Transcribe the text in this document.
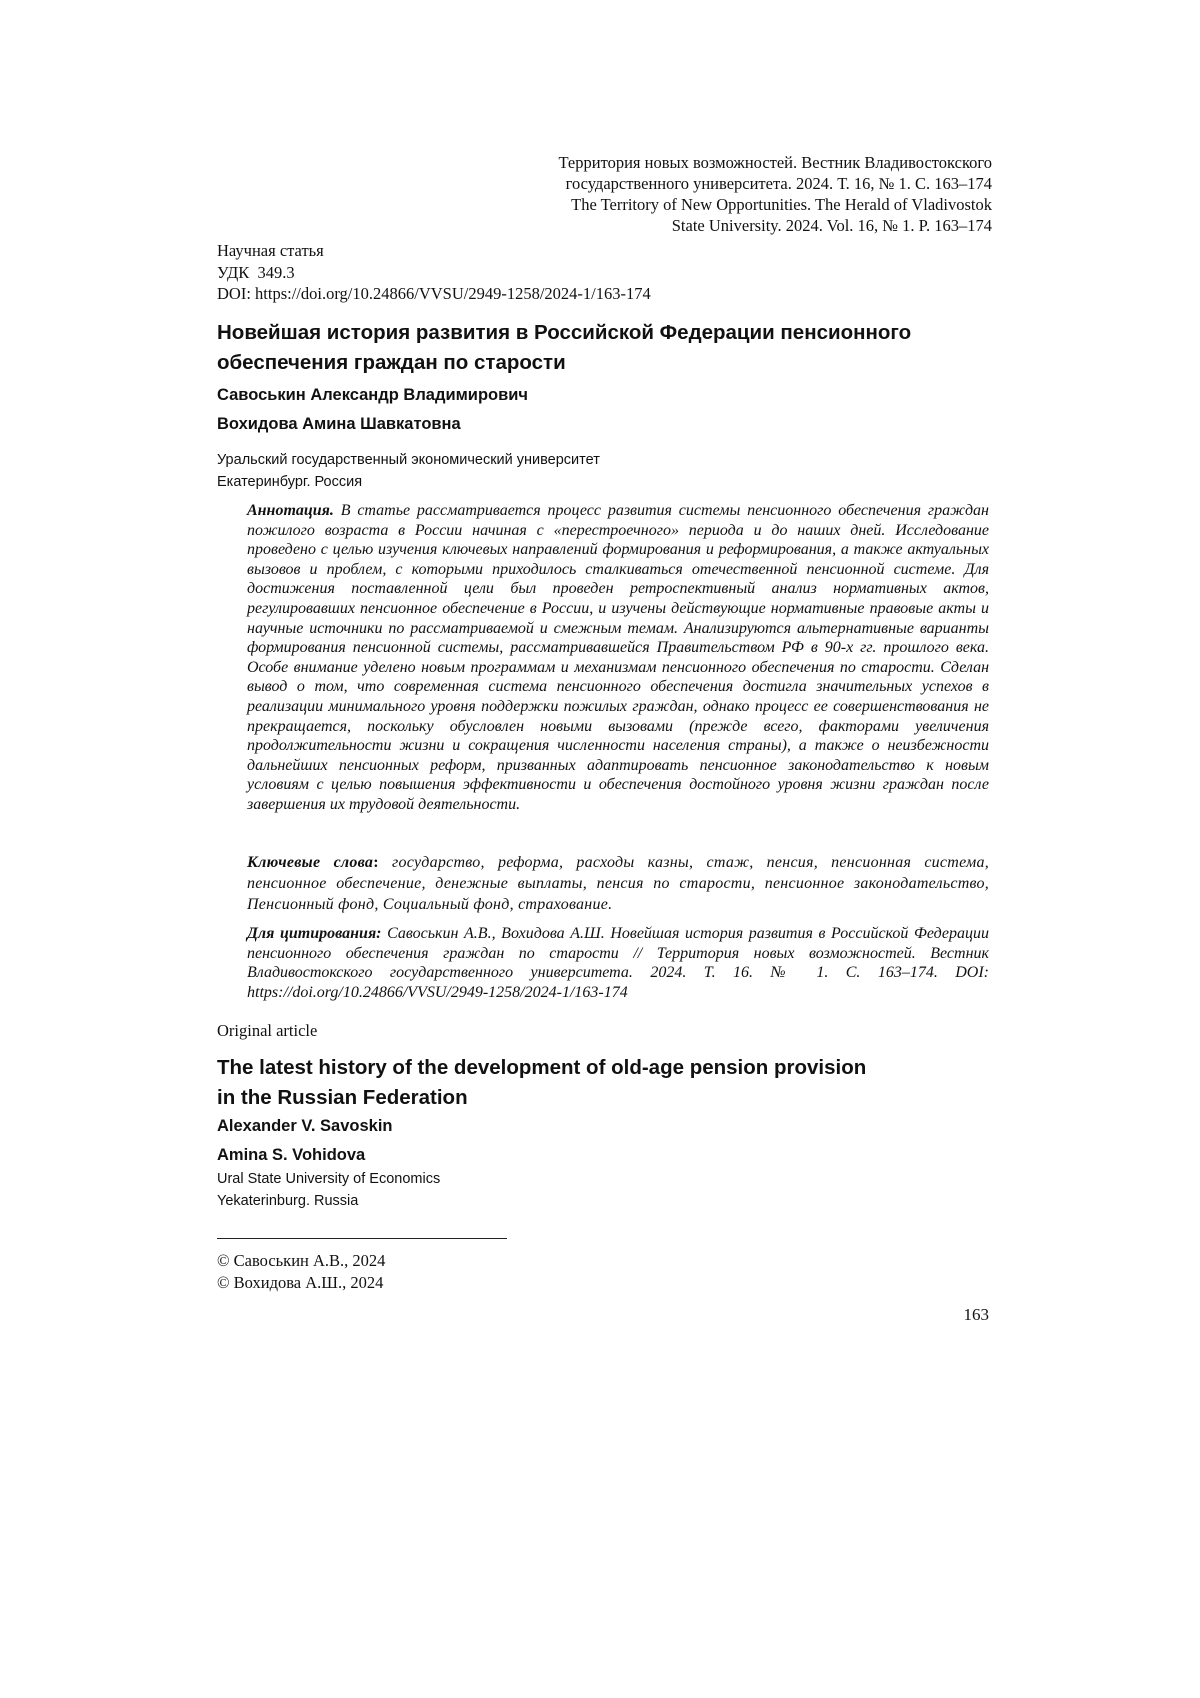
Территория новых возможностей. Вестник Владивостокского
государственного университета. 2024. Т. 16, № 1. С. 163–174
The Territory of New Opportunities. The Herald of Vladivostok
State University. 2024. Vol. 16, № 1. P. 163–174
Научная статья
УДК  349.3
DOI: https://doi.org/10.24866/VVSU/2949-1258/2024-1/163-174
Новейшая история развития в Российской Федерации пенсионного
обеспечения граждан по старости
Савоськин Александр Владимирович
Вохидова Амина Шавкатовна
Уральский государственный экономический университет
Екатеринбург. Россия
Аннотация. В статье рассматривается процесс развития системы пенсионного обеспечения граждан пожилого возраста в России начиная с «перестроечного» периода и до наших дней. Исследование проведено с целью изучения ключевых направлений формирования и реформирования, а также актуальных вызовов и проблем, с которыми приходилось сталкиваться отечественной пенсионной системе. Для достижения поставленной цели был проведен ретроспективный анализ нормативных актов, регулировавших пенсионное обеспечение в России, и изучены действующие нормативные правовые акты и научные источники по рассматриваемой и смежным темам. Анализируются альтернативные варианты формирования пенсионной системы, рассматривавшейся Правительством РФ в 90-х гг. прошлого века. Особе внимание уделено новым программам и механизмам пенсионного обеспечения по старости. Сделан вывод о том, что современная система пенсионного обеспечения достигла значительных успехов в реализации минимального уровня поддержки пожилых граждан, однако процесс ее совершенствования не прекращается, поскольку обусловлен новыми вызовами (прежде всего, факторами увеличения продолжительности жизни и сокращения численности населения страны), а также о неизбежности дальнейших пенсионных реформ, призванных адаптировать пенсионное законодательство к новым условиям с целью повышения эффективности и обеспечения достойного уровня жизни граждан после завершения их трудовой деятельности.
Ключевые слова: государство, реформа, расходы казны, стаж, пенсия, пенсионная система, пенсионное обеспечение, денежные выплаты, пенсия по старости, пенсионное законодательство, Пенсионный фонд, Социальный фонд, страхование.
Для цитирования: Савоськин А.В., Вохидова А.Ш. Новейшая история развития в Российской Федерации пенсионного обеспечения граждан по старости // Территория новых возможностей. Вестник Владивостокского государственного университета. 2024. Т. 16. № 1. С. 163–174. DOI: https://doi.org/10.24866/VVSU/2949-1258/2024-1/163-174
Original article
The latest history of the development of old-age pension provision
in the Russian Federation
Alexander V. Savoskin
Amina S. Vohidova
Ural State University of Economics
Yekaterinburg. Russia
© Савоськин А.В., 2024
© Вохидова А.Ш., 2024
163
